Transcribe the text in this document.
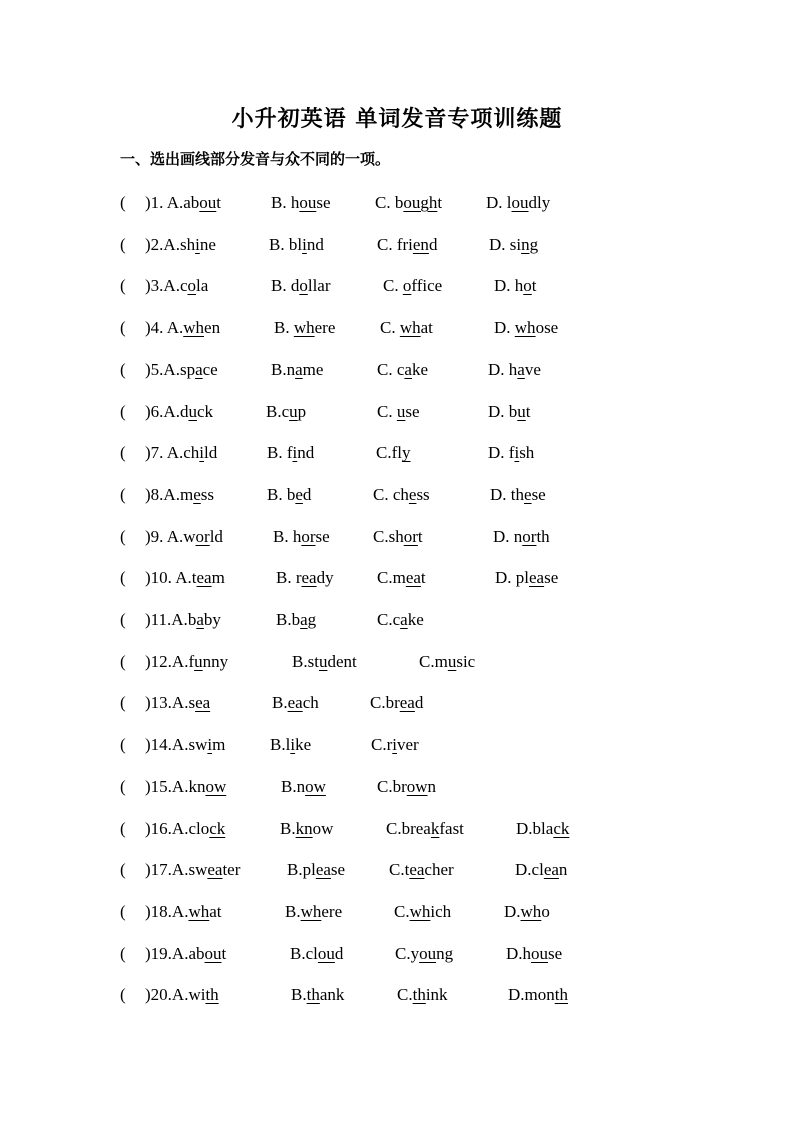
小升初英语 单词发音专项训练题
一、选出画线部分发音与众不同的一项。
( )1. A. about	B. house	C. bought	D. loudly
( )2.A. shine	B. blind	C. friend	D. sing
( )3.A. cola	B. dollar	C. office	D. hot
( )4. A. when	B. where	C. what	D. whose
( )5.A. space	B.name	C. cake	D. have
( )6.A. duck	B.cup	C. use	D. but
( )7. A. child	B. find	C.fly	D. fish
( )8.A. mess	B. bed	C. chess	D. these
( )9. A. world	B. horse	C.short	D. north
( )10. A. team	B. ready	C.meat	D. please
( )11.A. baby	B.bag	C.cake
( )12.A. funny	B.student	C.music
( )13.A. sea	B.each	C.bread
( )14.A. swim	B.like	C.river
( )15.A. know	B.now	C.brown
( )16.A. clock	B.know	C.breakfast	D.black
( )17.A. sweater	B.please	C.teacher	D.clean
( )18.A. what	B.where	C.which	D.who
( )19.A. about	B.cloud	C.young	D.house
( )20.A. with	B.thank	C.think	D.month
